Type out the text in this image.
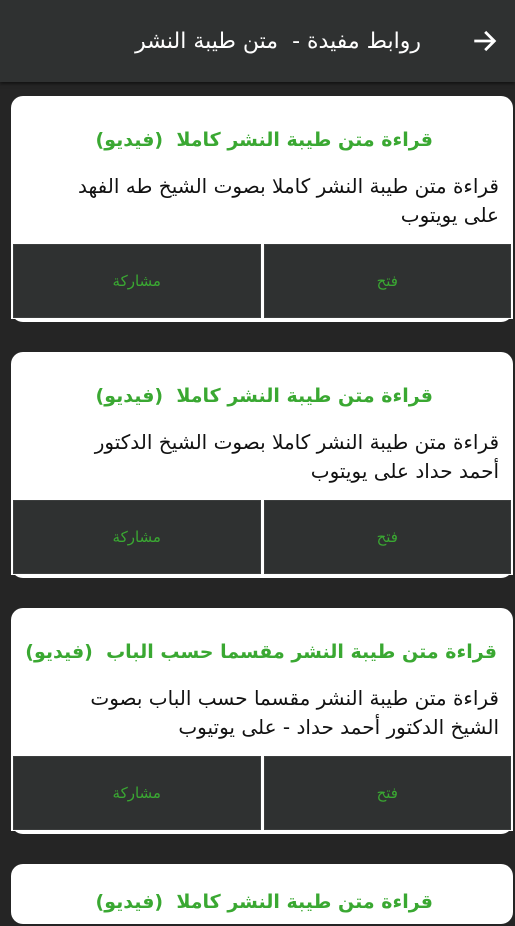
روابط مفيدة -  متن طيبة النشر
قراءة متن طيبة النشر كاملا  (فيديو)
قراءة متن طيبة النشر كاملا بصوت الشيخ طه الفهد
على يويتوب
فتح
مشاركة
قراءة متن طيبة النشر كاملا  (فيديو)
قراءة متن طيبة النشر كاملا بصوت الشيخ الدكتور
أحمد حداد على يويتوب
فتح
مشاركة
قراءة متن طيبة النشر مقسما حسب الباب  (فيديو)
قراءة متن طيبة النشر مقسما حسب الباب بصوت
الشيخ الدكتور أحمد حداد - على يوتيوب
فتح
مشاركة
قراءة متن طيبة النشر كاملا  (فيديو)
